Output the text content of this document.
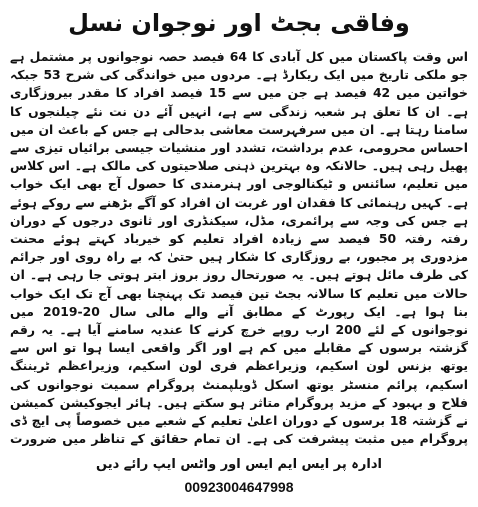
وفاقی بجٹ اور نوجوان نسل

اس وقت پاکستان میں کل آبادی کا 64 فیصد حصہ نوجوانوں پر مشتمل ہے جو ملکی تاریخ میں ایک ریکارڈ ہے۔ مردوں میں خواندگی کی شرح 53 جبکہ خواتین میں 42 فیصد ہے جن میں سے 15 فیصد افراد کا مقدر بیروزگاری ہے۔ ان کا تعلق ہر شعبہ زندگی سے ہے، انہیں آئے دن نت نئے چیلنجوں کا سامنا رہتا ہے۔ ان میں سرفہرست معاشی بدحالی ہے جس کے باعث ان میں احساس محرومی، عدم برداشت، تشدد اور منشیات جیسی برائیاں تیزی سے پھیل رہی ہیں۔ حالانکہ وہ بہترین ذہنی صلاحیتوں کی مالک ہے۔ اس کلاس میں تعلیم، سائنس و ٹیکنالوجی اور ہنرمندی کا حصول آج بھی ایک خواب ہے۔ کہیں رہنمائی کا فقدان اور غربت ان افراد کو آگے بڑھنے سے روکے ہوئے ہے جس کی وجہ سے پرائمری، مڈل، سیکنڈری اور ثانوی درجوں کے دوران رفتہ رفتہ 50 فیصد سے زیادہ افراد تعلیم کو خیرباد کہتے ہوئے محنت مزدوری پر مجبور، بے روزگاری کا شکار ہیں حتیٰ کہ بے راہ روی اور جرائم کی طرف مائل ہوتے ہیں۔ یہ صورتحال روز بروز ابتر ہوتی جا رہی ہے۔ ان حالات میں تعلیم کا سالانہ بجٹ تین فیصد تک پہنچنا بھی آج تک ایک خواب بنا ہوا ہے۔ ایک رپورٹ کے مطابق آنے والے مالی سال 20-2019 میں نوجوانوں کے لئے 200 ارب روپے خرچ کرنے کا عندیہ سامنے آیا ہے۔ یہ رقم گزشتہ برسوں کے مقابلے میں کم ہے اور اگر واقعی ایسا ہوا تو اس سے یوتھ بزنس لون اسکیم، وزیراعظم فری لون اسکیم، وزیراعظم ٹریننگ اسکیم، پرائم منسٹر یوتھ اسکل ڈویلپمنٹ پروگرام سمیت نوجوانوں کی فلاح و بہبود کے مزید پروگرام متاثر ہو سکتے ہیں۔ ہائر ایجوکیشن کمیشن نے گزشتہ 18 برسوں کے دوران اعلیٰ تعلیم کے شعبے میں خصوصاً پی ایچ ڈی پروگرام میں مثبت پیشرفت کی ہے۔ ان تمام حقائق کے تناظر میں ضرورت

ادارہ پر ایس ایم ایس اور واٹس ایپ رائے دیں
00923004647998
